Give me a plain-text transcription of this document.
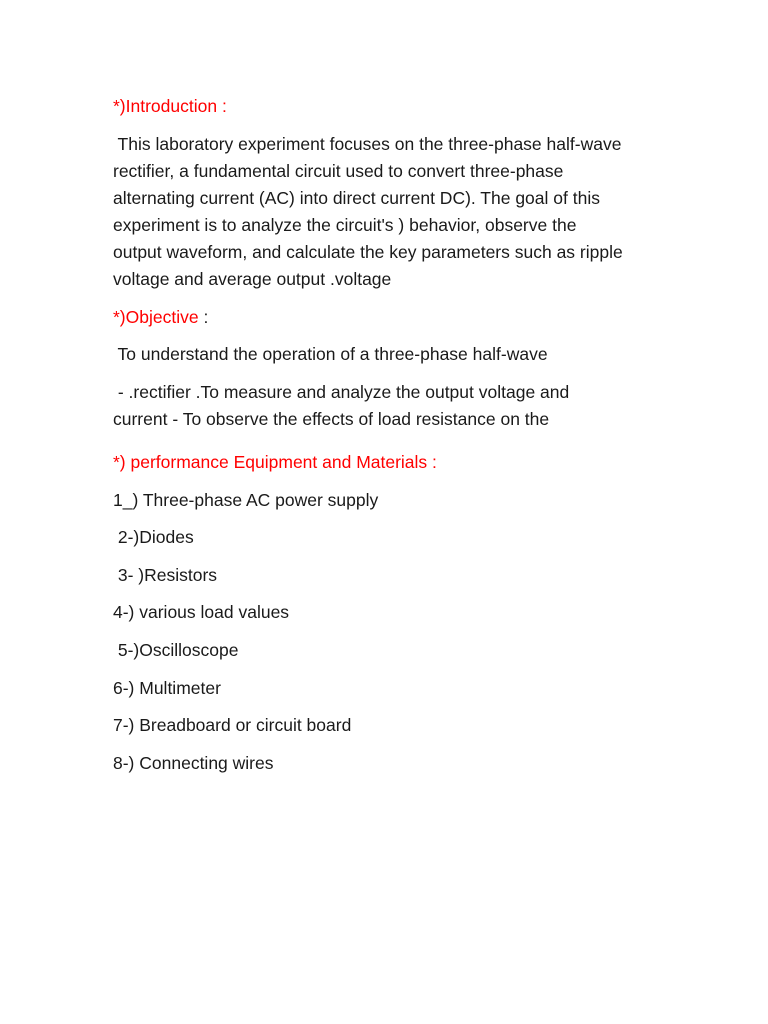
*)Introduction :

This laboratory experiment focuses on the three-phase half-wave

rectifier, a fundamental circuit used to convert three-phase

alternating current (AC) into direct current DC). The goal of this

experiment is to analyze the circuit's ) behavior, observe the

output waveform, and calculate the key parameters such as ripple

voltage and average output .voltage

*)Objective :

To understand the operation of a three-phase half-wave

- .rectifier .To measure and analyze the output voltage and

current - To observe the effects of load resistance on the

*) performance Equipment and Materials :

1_) Three-phase AC power supply

2-)Diodes

3- )Resistors

4-) various load values

5-)Oscilloscope

6-) Multimeter

7-) Breadboard or circuit board

8-) Connecting wires
